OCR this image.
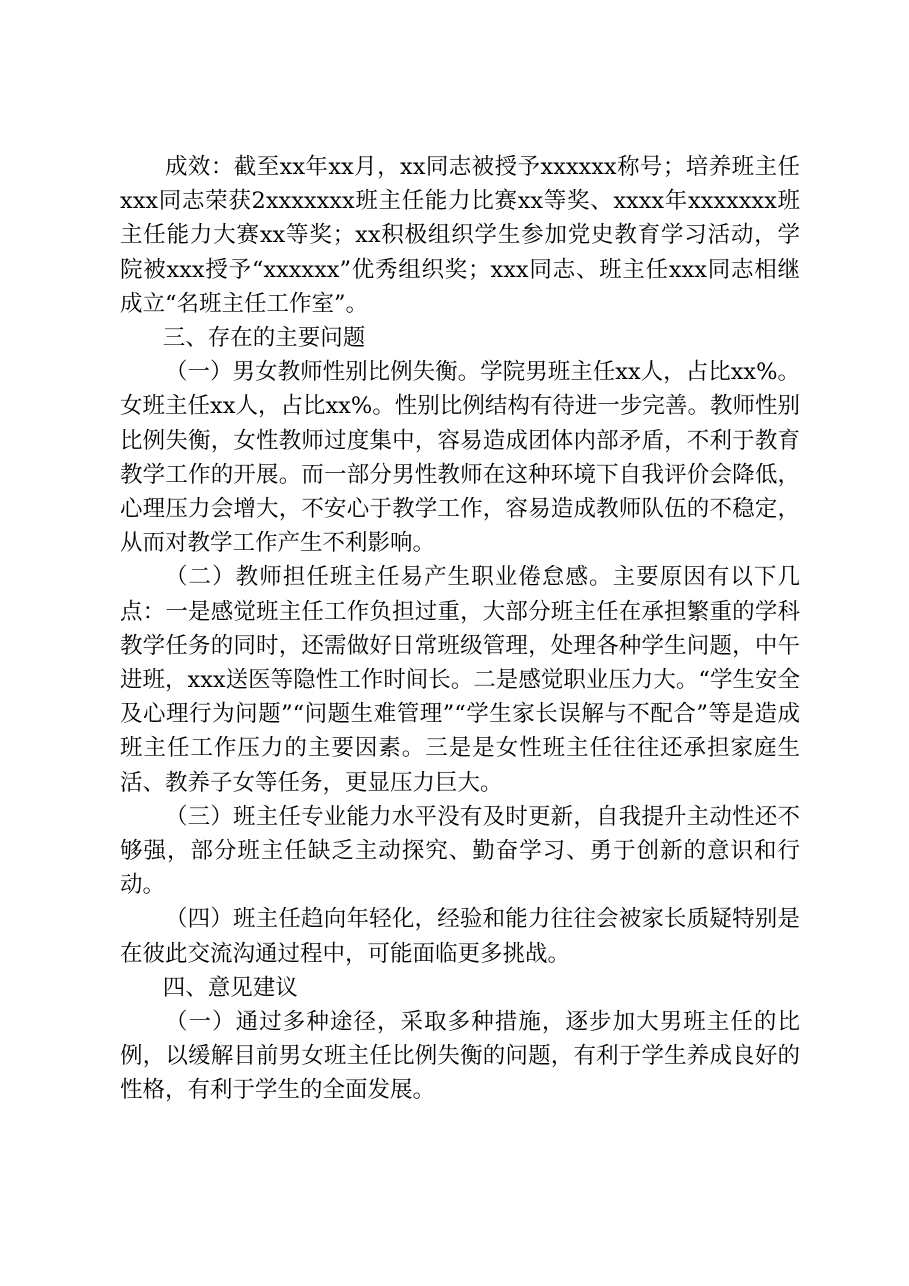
成效：截至xx年xx月，xx同志被授予xxxxxx称号；培养班主任xxx同志荣获2xxxxxxx班主任能力比赛xx等奖、xxxx年xxxxxxx班主任能力大赛xx等奖；xx积极组织学生参加党史教育学习活动，学院被xxx授予“xxxxxx”优秀组织奖；xxx同志、班主任xxx同志相继成立“名班主任工作室”。

三、存在的主要问题

（一）男女教师性别比例失衡。学院男班主任xx人，占比xx%。女班主任xx人，占比xx%。性别比例结构有待进一步完善。教师性别比例失衡，女性教师过度集中，容易造成团体内部矛盾，不利于教育教学工作的开展。而一部分男性教师在这种环境下自我评价会降低，心理压力会增大，不安心于教学工作，容易造成教师队伍的不稳定，从而对教学工作产生不利影响。

（二）教师担任班主任易产生职业倦怠感。主要原因有以下几点：一是感觉班主任工作负担过重，大部分班主任在承担繁重的学科教学任务的同时，还需做好日常班级管理，处理各种学生问题，中午进班，xxx送医等隐性工作时间长。二是感觉职业压力大。“学生安全及心理行为问题”“问题生难管理”“学生家长误解与不配合”等是造成班主任工作压力的主要因素。三是是女性班主任往往还承担家庭生活、教养子女等任务，更显压力巨大。

（三）班主任专业能力水平没有及时更新，自我提升主动性还不够强，部分班主任缺乏主动探究、勤奋学习、勇于创新的意识和行动。

（四）班主任趋向年轻化，经验和能力往往会被家长质疑特别是在彼此交流沟通过程中，可能面临更多挑战。

四、意见建议

（一）通过多种途径，采取多种措施，逐步加大男班主任的比例，以缓解目前男女班主任比例失衡的问题，有利于学生养成良好的性格，有利于学生的全面发展。
